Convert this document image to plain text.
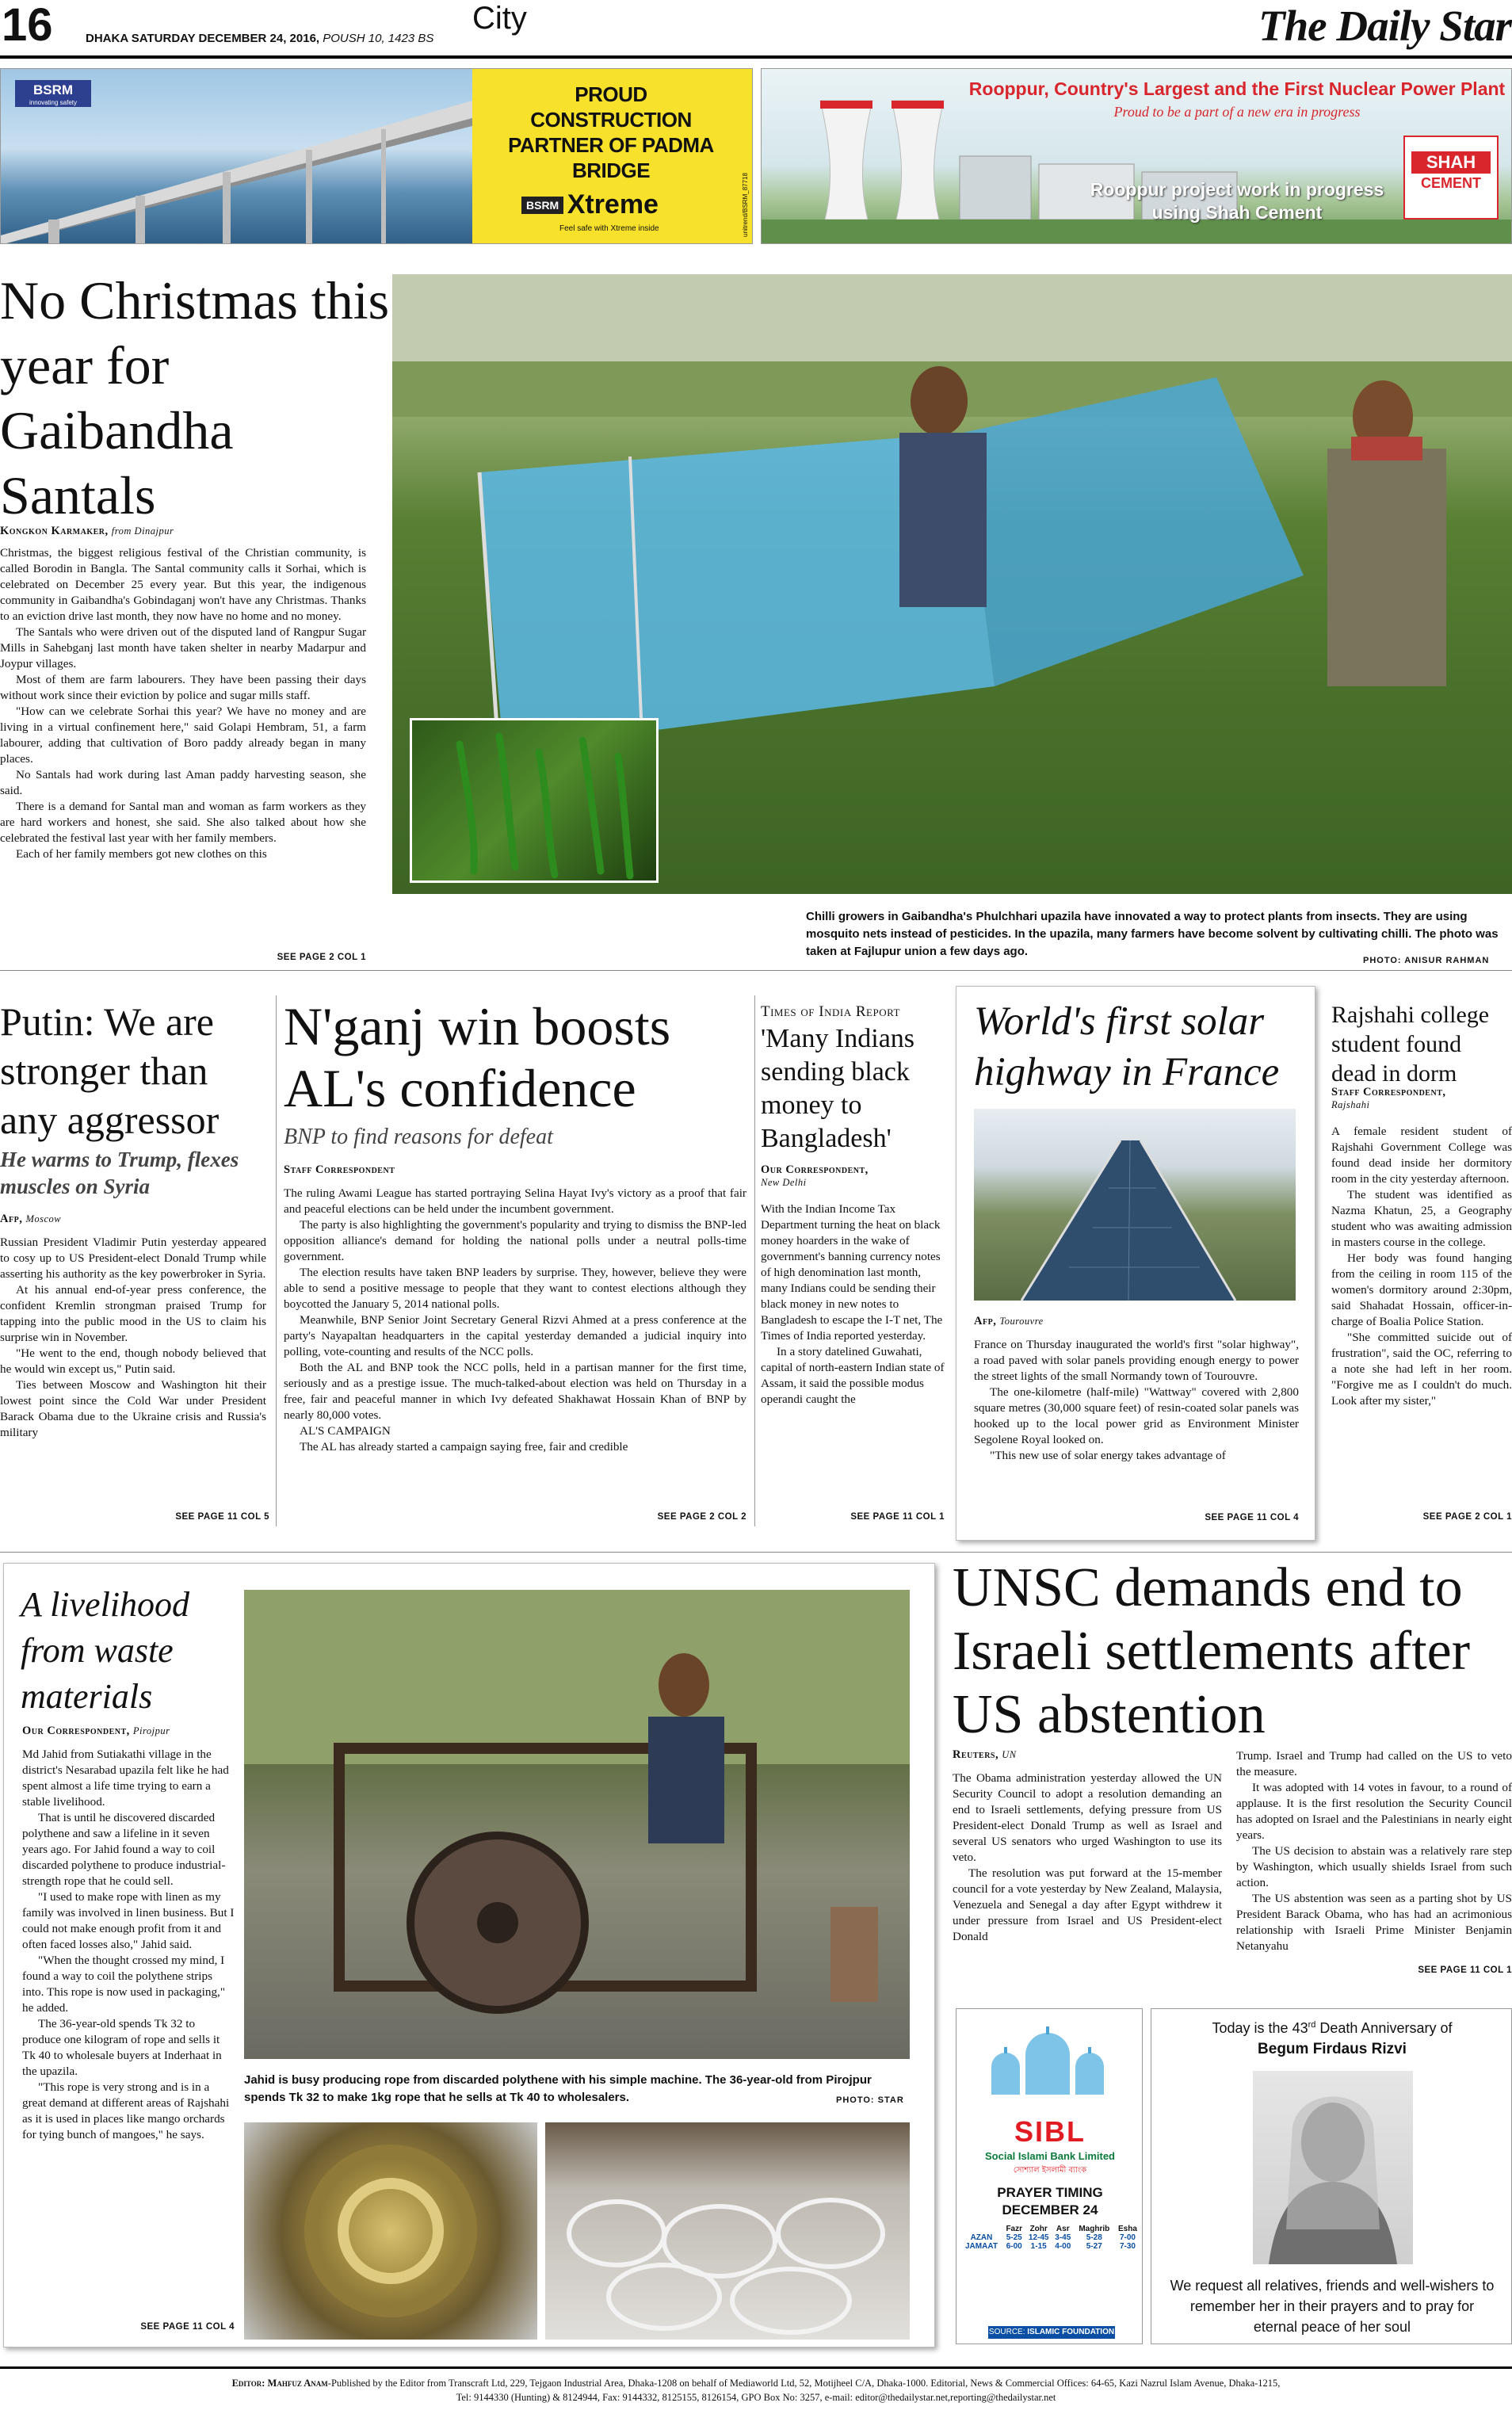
16	DHAKA SATURDAY DECEMBER 24, 2016, POUSH 10, 1423 BS
City	The Daily Star
BSRM
innovating safety	PROUD CONSTRUCTION PARTNER OF PADMA BRIDGE
BSRM Xtreme
Feel safe with Xtreme inside	unitrend/BSRM_87718
Rooppur, Country's Largest and the First Nuclear Power Plant
Proud to be a part of a new era in progress
SHAH
CEMENT
Rooppur project work in progress using Shah Cement
No Christmas this year for Gaibandha Santals
Kongkon Karmaker, from Dinajpur

Christmas, the biggest religious festival of the Christian community, is called Borodin in Bangla. The Santal community calls it Sorhai, which is celebrated on December 25 every year. But this year, the indigenous community in Gaibandha's Gobindaganj won't have any Christmas. Thanks to an eviction drive last month, they now have no home and no money.

The Santals who were driven out of the disputed land of Rangpur Sugar Mills in Sahebganj last month have taken shelter in nearby Madarpur and Joypur villages.

Most of them are farm labourers. They have been passing their days without work since their eviction by police and sugar mills staff.

"How can we celebrate Sorhai this year? We have no money and are living in a virtual confinement here," said Golapi Hembram, 51, a farm labourer, adding that cultivation of Boro paddy already began in many places.

No Santals had work during last Aman paddy harvesting season, she said.

There is a demand for Santal man and woman as farm workers as they are hard workers and honest, she said. She also talked about how she celebrated the festival last year with her family members.

Each of her family members got new clothes on this

SEE PAGE 2 COL 1
Chilli growers in Gaibandha's Phulchhari upazila have innovated a way to protect plants from insects. They are using mosquito nets instead of pesticides. In the upazila, many farmers have become solvent by cultivating chilli. The photo was taken at Fajlupur union a few days ago.
PHOTO: ANISUR RAHMAN
Putin: We are stronger than any aggressor
He warms to Trump, flexes muscles on Syria
Afp, Moscow

Russian President Vladimir Putin yesterday appeared to cosy up to US President-elect Donald Trump while asserting his authority as the key powerbroker in Syria.

At his annual end-of-year press conference, the confident Kremlin strongman praised Trump for tapping into the public mood in the US to claim his surprise win in November.

"He went to the end, though nobody believed that he would win except us," Putin said.

Ties between Moscow and Washington hit their lowest point since the Cold War under President Barack Obama due to the Ukraine crisis and Russia's military

SEE PAGE 11 COL 5
N'ganj win boosts AL's confidence
BNP to find reasons for defeat
Staff Correspondent

The ruling Awami League has started portraying Selina Hayat Ivy's victory as a proof that fair and peaceful elections can be held under the incumbent government.

The party is also highlighting the government's popularity and trying to dismiss the BNP-led opposition alliance's demand for holding the national polls under a neutral polls-time government.

The election results have taken BNP leaders by surprise. They, however, believe they were able to send a positive message to people that they want to contest elections although they boycotted the January 5, 2014 national polls.

Meanwhile, BNP Senior Joint Secretary General Rizvi Ahmed at a press conference at the party's Nayapaltan headquarters in the capital yesterday demanded a judicial inquiry into polling, vote-counting and results of the NCC polls.

Both the AL and BNP took the NCC polls, held in a partisan manner for the first time, seriously and as a prestige issue. The much-talked-about election was held on Thursday in a free, fair and peaceful manner in which Ivy defeated Shakhawat Hossain Khan of BNP by nearly 80,000 votes.

AL'S CAMPAIGN

The AL has already started a campaign saying free, fair and credible

SEE PAGE 2 COL 2
Times of India Report
'Many Indians sending black money to Bangladesh'
Our Correspondent,
New Delhi

With the Indian Income Tax Department turning the heat on black money hoarders in the wake of government's banning currency notes of high denomination last month, many Indians could be sending their black money in new notes to Bangladesh to escape the I-T net, The Times of India reported yesterday.

In a story datelined Guwahati, capital of north-eastern Indian state of Assam, it said the possible modus operandi caught the

SEE PAGE 11 COL 1
World's first solar highway in France
Afp, Tourouvre

France on Thursday inaugurated the world's first "solar highway", a road paved with solar panels providing enough energy to power the street lights of the small Normandy town of Tourouvre.

The one-kilometre (half-mile) "Wattway" covered with 2,800 square metres (30,000 square feet) of resin-coated solar panels was hooked up to the local power grid as Environment Minister Segolene Royal looked on.

"This new use of solar energy takes advantage of

SEE PAGE 11 COL 4
Rajshahi college student found dead in dorm
Staff Correspondent,
Rajshahi

A female resident student of Rajshahi Government College was found dead inside her dormitory room in the city yesterday afternoon.

The student was identified as Nazma Khatun, 25, a Geography student who was awaiting admission in masters course in the college.

Her body was found hanging from the ceiling in room 115 of the women's dormitory around 2:30pm, said Shahadat Hossain, officer-in-charge of Boalia Police Station.

"She committed suicide out of frustration", said the OC, referring to a note she had left in her room. "Forgive me as I couldn't do much. Look after my sister,"

SEE PAGE 2 COL 1
A livelihood from waste materials
Our Correspondent, Pirojpur

Md Jahid from Sutiakathi village in the district's Nesarabad upazila felt like he had spent almost a life time trying to earn a stable livelihood.

That is until he discovered discarded polythene and saw a lifeline in it seven years ago. For Jahid found a way to coil discarded polythene to produce industrial-strength rope that he could sell.

"I used to make rope with linen as my family was involved in linen business. But I could not make enough profit from it and often faced losses also," Jahid said.

"When the thought crossed my mind, I found a way to coil the polythene strips into. This rope is now used in packaging," he added.

The 36-year-old spends Tk 32 to produce one kilogram of rope and sells it Tk 40 to wholesale buyers at Inderhaat in the upazila.

"This rope is very strong and is in a great demand at different areas of Rajshahi as it is used in places like mango orchards for tying bunch of mangoes," he says.

SEE PAGE 11 COL 4
Jahid is busy producing rope from discarded polythene with his simple machine. The 36-year-old from Pirojpur spends Tk 32 to make 1kg rope that he sells at Tk 40 to wholesalers.	PHOTO: STAR
UNSC demands end to Israeli settlements after US abstention
Reuters, UN

The Obama administration yesterday allowed the UN Security Council to adopt a resolution demanding an end to Israeli settlements, defying pressure from US President-elect Donald Trump as well as Israel and several US senators who urged Washington to use its veto.

The resolution was put forward at the 15-member council for a vote yesterday by New Zealand, Malaysia, Venezuela and Senegal a day after Egypt withdrew it under pressure from Israel and US President-elect Donald

Trump. Israel and Trump had called on the US to veto the measure.

It was adopted with 14 votes in favour, to a round of applause. It is the first resolution the Security Council has adopted on Israel and the Palestinians in nearly eight years.

The US decision to abstain was a relatively rare step by Washington, which usually shields Israel from such action.

The US abstention was seen as a parting shot by US President Barack Obama, who has had an acrimonious relationship with Israeli Prime Minister Benjamin Netanyahu

SEE PAGE 11 COL 1
SIBL
Social Islami Bank Limited
সোশ্যাল ইসলামী ব্যাংক
PRAYER TIMING
DECEMBER 24
	Fazr	Zohr	Asr	Maghrib	Esha
AZAN	5-25	12-45	3-45	5-28	7-00
JAMAAT	6-00	1-15	4-00	5-27	7-30
SOURCE: ISLAMIC FOUNDATION
Today is the 43rd Death Anniversary of
Begum Firdaus Rizvi
We request all relatives, friends and well-wishers to remember her in their prayers and to pray for eternal peace of her soul
Editor: Mahfuz Anam-Published by the Editor from Transcraft Ltd, 229, Tejgaon Industrial Area, Dhaka-1208 on behalf of Mediaworld Ltd, 52, Motijheel C/A, Dhaka-1000. Editorial, News & Commercial Offices: 64-65, Kazi Nazrul Islam Avenue, Dhaka-1215,
Tel: 9144330 (Hunting) & 8124944, Fax: 9144332, 8125155, 8126154, GPO Box No: 3257, e-mail: editor@thedailystar.net,reporting@thedailystar.net
